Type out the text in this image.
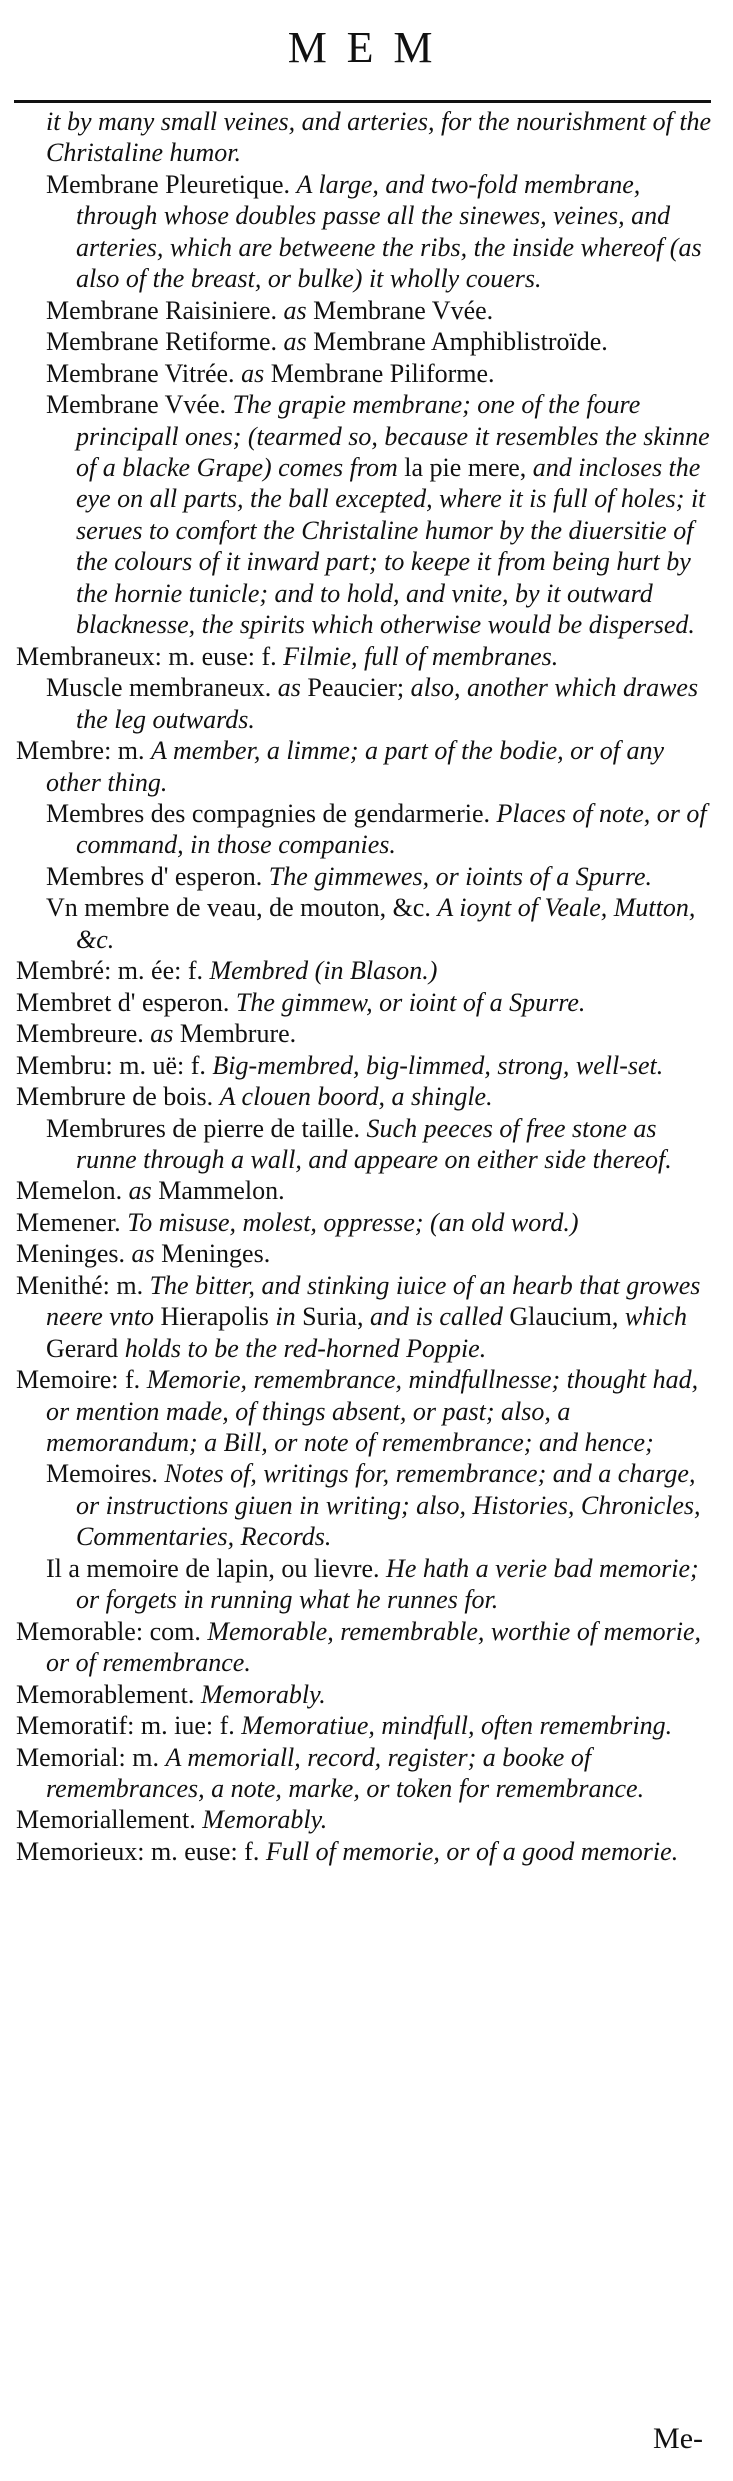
MEM

it by many small veines, and arteries, for the nourishment of the Christaline humor.

Membrane Pleuretique. A large, and two-fold membrane, through whose doubles passe all the sinewes, veines, and arteries, which are betweene the ribs, the inside whereof (as also of the breast, or bulke) it wholly couers.

Membrane Raisiniere. as Membrane Vvée.

Membrane Retiforme. as Membrane Amphiblistroïde.

Membrane Vitrée. as Membrane Piliforme.

Membrane Vvée. The grapie membrane; one of the foure principall ones; (tearmed so, because it resembles the skinne of a blacke Grape) comes from la pie mere, and incloses the eye on all parts, the ball excepted, where it is full of holes; it serues to comfort the Christaline humor by the diuersitie of the colours of it inward part; to keepe it from being hurt by the hornie tunicle; and to hold, and vnite, by it outward blacknesse, the spirits which otherwise would be dispersed.

Membraneux: m. euse: f. Filmie, full of membranes.

Muscle membraneux. as Peaucier; also, another which drawes the leg outwards.

Membre: m. A member, a limme; a part of the bodie, or of any other thing.

Membres des compagnies de gendarmerie. Places of note, or of command, in those companies.

Membres d' esperon. The gimmewes, or ioints of a Spurre.

Vn membre de veau, de mouton, &c. A ioynt of Veale, Mutton, &c.

Membré: m. ée: f. Membred (in Blason.)

Membret d' esperon. The gimmew, or ioint of a Spurre.

Membreure. as Membrure.

Membru: m. uë: f. Big-membred, big-limmed, strong, well-set.

Membrure de bois. A clouen boord, a shingle.

Membrures de pierre de taille. Such peeces of free stone as runne through a wall, and appeare on either side thereof.

Memelon. as Mammelon.

Memener. To misuse, molest, oppresse; (an old word.)

Meninges. as Meninges.

Menithé: m. The bitter, and stinking iuice of an hearb that growes neere vnto Hierapolis in Suria, and is called Glaucium, which Gerard holds to be the red-horned Poppie.

Memoire: f. Memorie, remembrance, mindfullnesse; thought had, or mention made, of things absent, or past; also, a memorandum; a Bill, or note of remembrance; and hence;

Memoires. Notes of, writings for, remembrance; and a charge, or instructions giuen in writing; also, Histories, Chronicles, Commentaries, Records.

Il a memoire de lapin, ou lievre. He hath a verie bad memorie; or forgets in running what he runnes for.

Memorable: com. Memorable, remembrable, worthie of memorie, or of remembrance.

Memorablement. Memorably.

Memoratif: m. iue: f. Memoratiue, mindfull, often remembring.

Memorial: m. A memoriall, record, register; a booke of remembrances, a note, marke, or token for remembrance.

Memoriallement. Memorably.

Memorieux: m. euse: f. Full of memorie, or of a good memorie.

Me-
